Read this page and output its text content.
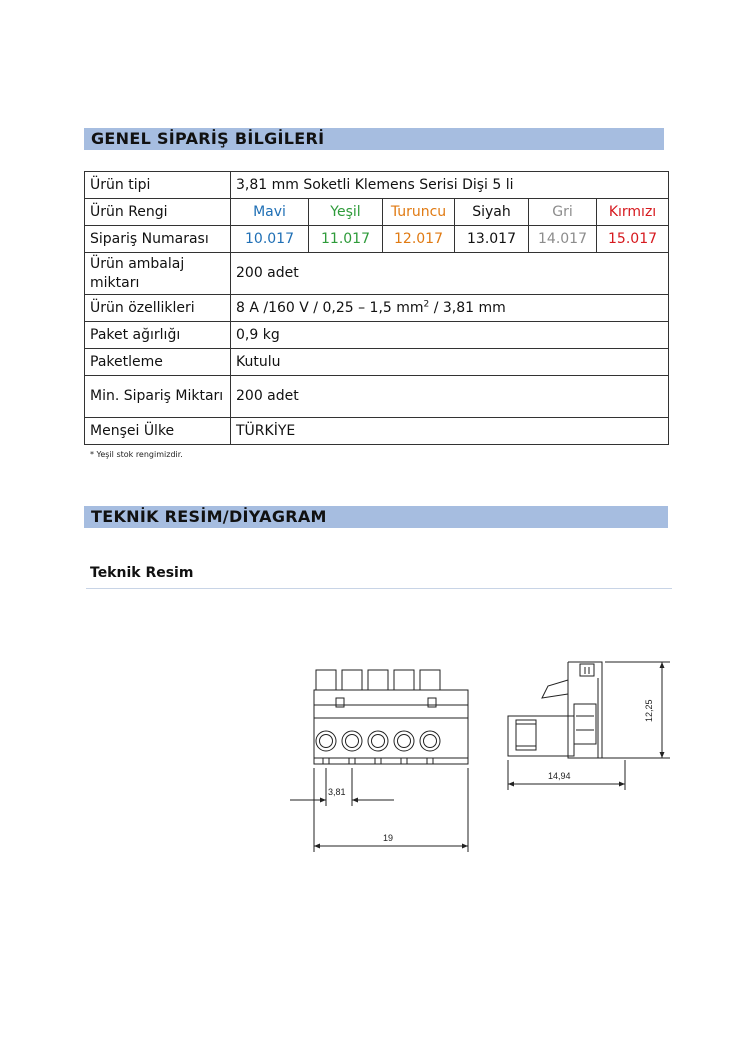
GENEL SİPARİŞ BİLGİLERİ
Ürün tipi	3,81 mm Soketli Klemens Serisi Dişi 5 li					
Ürün Rengi	Mavi	Yeşil	Turuncu	Siyah	Gri	Kırmızı
Sipariş Numarası	10.017	11.017	12.017	13.017	14.017	15.017
Ürün ambalaj miktarı	200 adet					
Ürün özellikleri	8 A /160 V / 0,25 – 1,5 $mm^2 / 3,81$ mm					
Paket ağırlığı	0,9 kg					
Paketleme	Kutulu					
Min. Sipariş Miktarı	200 adet					
Menşei Ülke	TÜRKİYE					
* Yeşil stok rengimizdir.
TEKNİK RESİM/DİYAGRAM
Teknik Resim
3,81
19
14,94
12,25
